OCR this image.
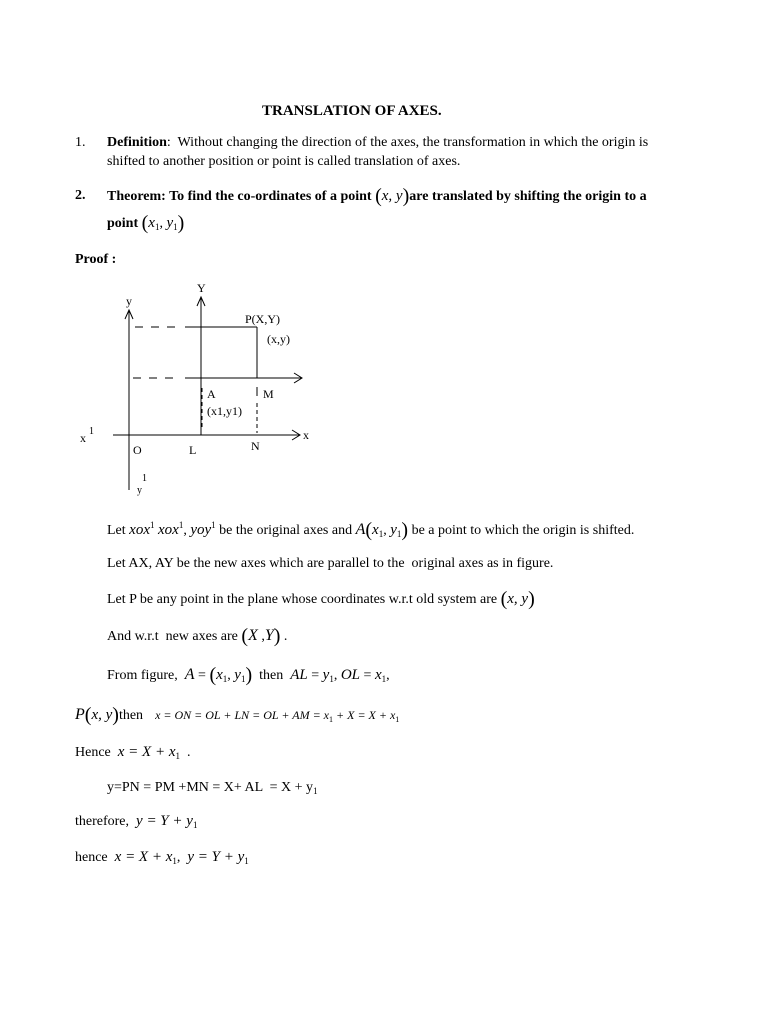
TRANSLATION OF AXES.
1. Definition:  Without changing the direction of the axes, the transformation in which the origin is
shifted to another position or point is called translation of axes.
2. Theorem: To find the co-ordinates of a point (x, y)are translated by shifting the origin to a
point ($x_1$, $y_1$)
Proof :
Y
y
P(X,Y)
(x,y)
A	M
(x1,y1)
x
x 1
O	L	N
1
y
Let xox$^1$ xox$^1$, yoy$^1$ be the original axes and $A(x_1$, $y_1$) be a point to which the origin is shifted.
Let AX, AY be the new axes which are parallel to the  original axes as in figure.
Let P be any point in the plane whose coordinates w.r.t old system are (x, y)
And w.r.t  new axes are (X ,Y) .
From figure,  $A = (x_1$, $y_1$)  then  AL = $y_1$, OL = $x_1$,
P(x, y)then x = ON = OL + LN = OL + AM = $x_1 + X = X + x_1$
Hence  $x = X + x_1$  .
y=PN = PM +MN = X+ AL  = $X + y_1$
therefore,  $y = Y + y_1$
hence  $x = X + x_1$,  $y = Y + y_1$
